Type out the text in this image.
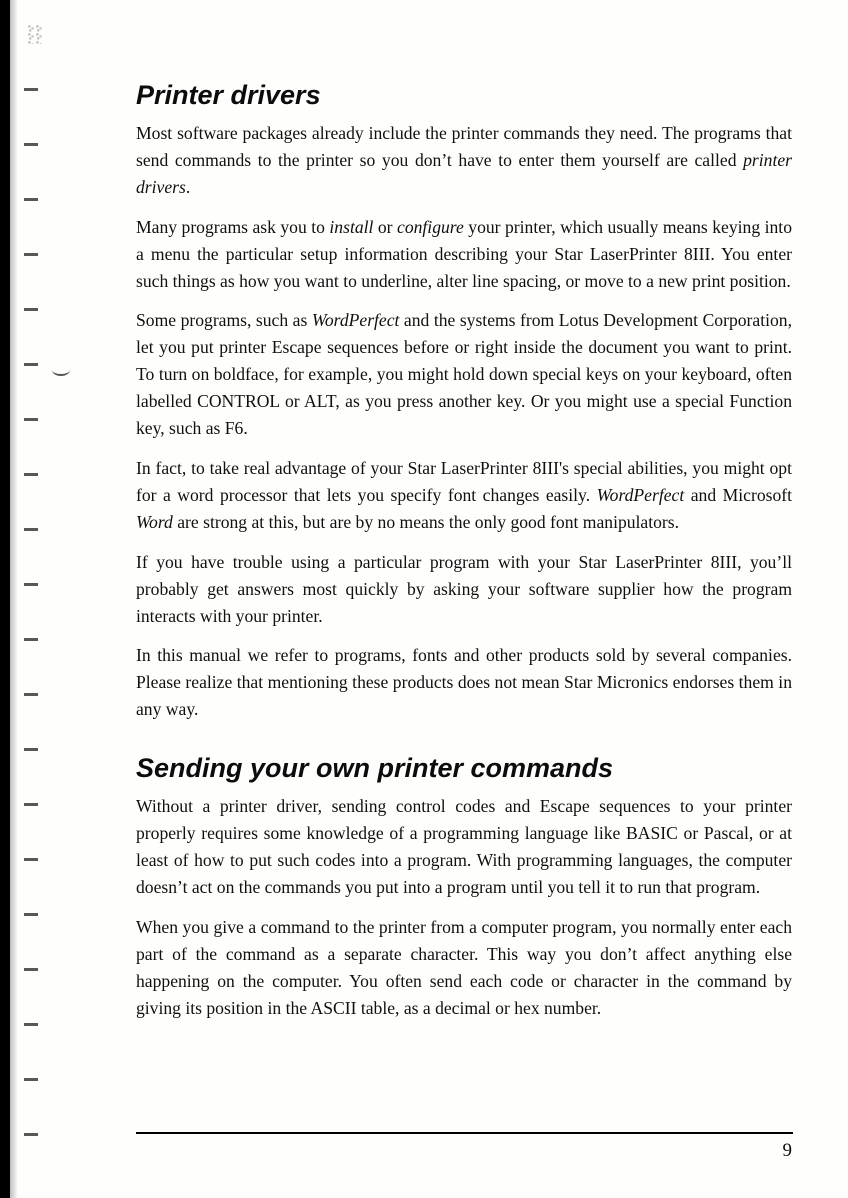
Printer drivers

Most software packages already include the printer commands they need. The programs that send commands to the printer so you don’t have to enter them yourself are called printer drivers.

Many programs ask you to install or configure your printer, which usually means keying into a menu the particular setup information describing your Star LaserPrinter 8III. You enter such things as how you want to underline, alter line spacing, or move to a new print position.

Some programs, such as WordPerfect and the systems from Lotus Development Corporation, let you put printer Escape sequences before or right inside the document you want to print. To turn on boldface, for example, you might hold down special keys on your keyboard, often labelled CONTROL or ALT, as you press another key. Or you might use a special Function key, such as F6.

In fact, to take real advantage of your Star LaserPrinter 8III's special abilities, you might opt for a word processor that lets you specify font changes easily. WordPerfect and Microsoft Word are strong at this, but are by no means the only good font manipulators.

If you have trouble using a particular program with your Star LaserPrinter 8III, you’ll probably get answers most quickly by asking your software supplier how the program interacts with your printer.

In this manual we refer to programs, fonts and other products sold by several companies. Please realize that mentioning these products does not mean Star Micronics endorses them in any way.

Sending your own printer commands

Without a printer driver, sending control codes and Escape sequences to your printer properly requires some knowledge of a programming language like BASIC or Pascal, or at least of how to put such codes into a program. With programming languages, the computer doesn’t act on the commands you put into a program until you tell it to run that program.

When you give a command to the printer from a computer program, you normally enter each part of the command as a separate character. This way you don’t affect anything else happening on the computer. You often send each code or character in the command by giving its position in the ASCII table, as a decimal or hex number.

9
